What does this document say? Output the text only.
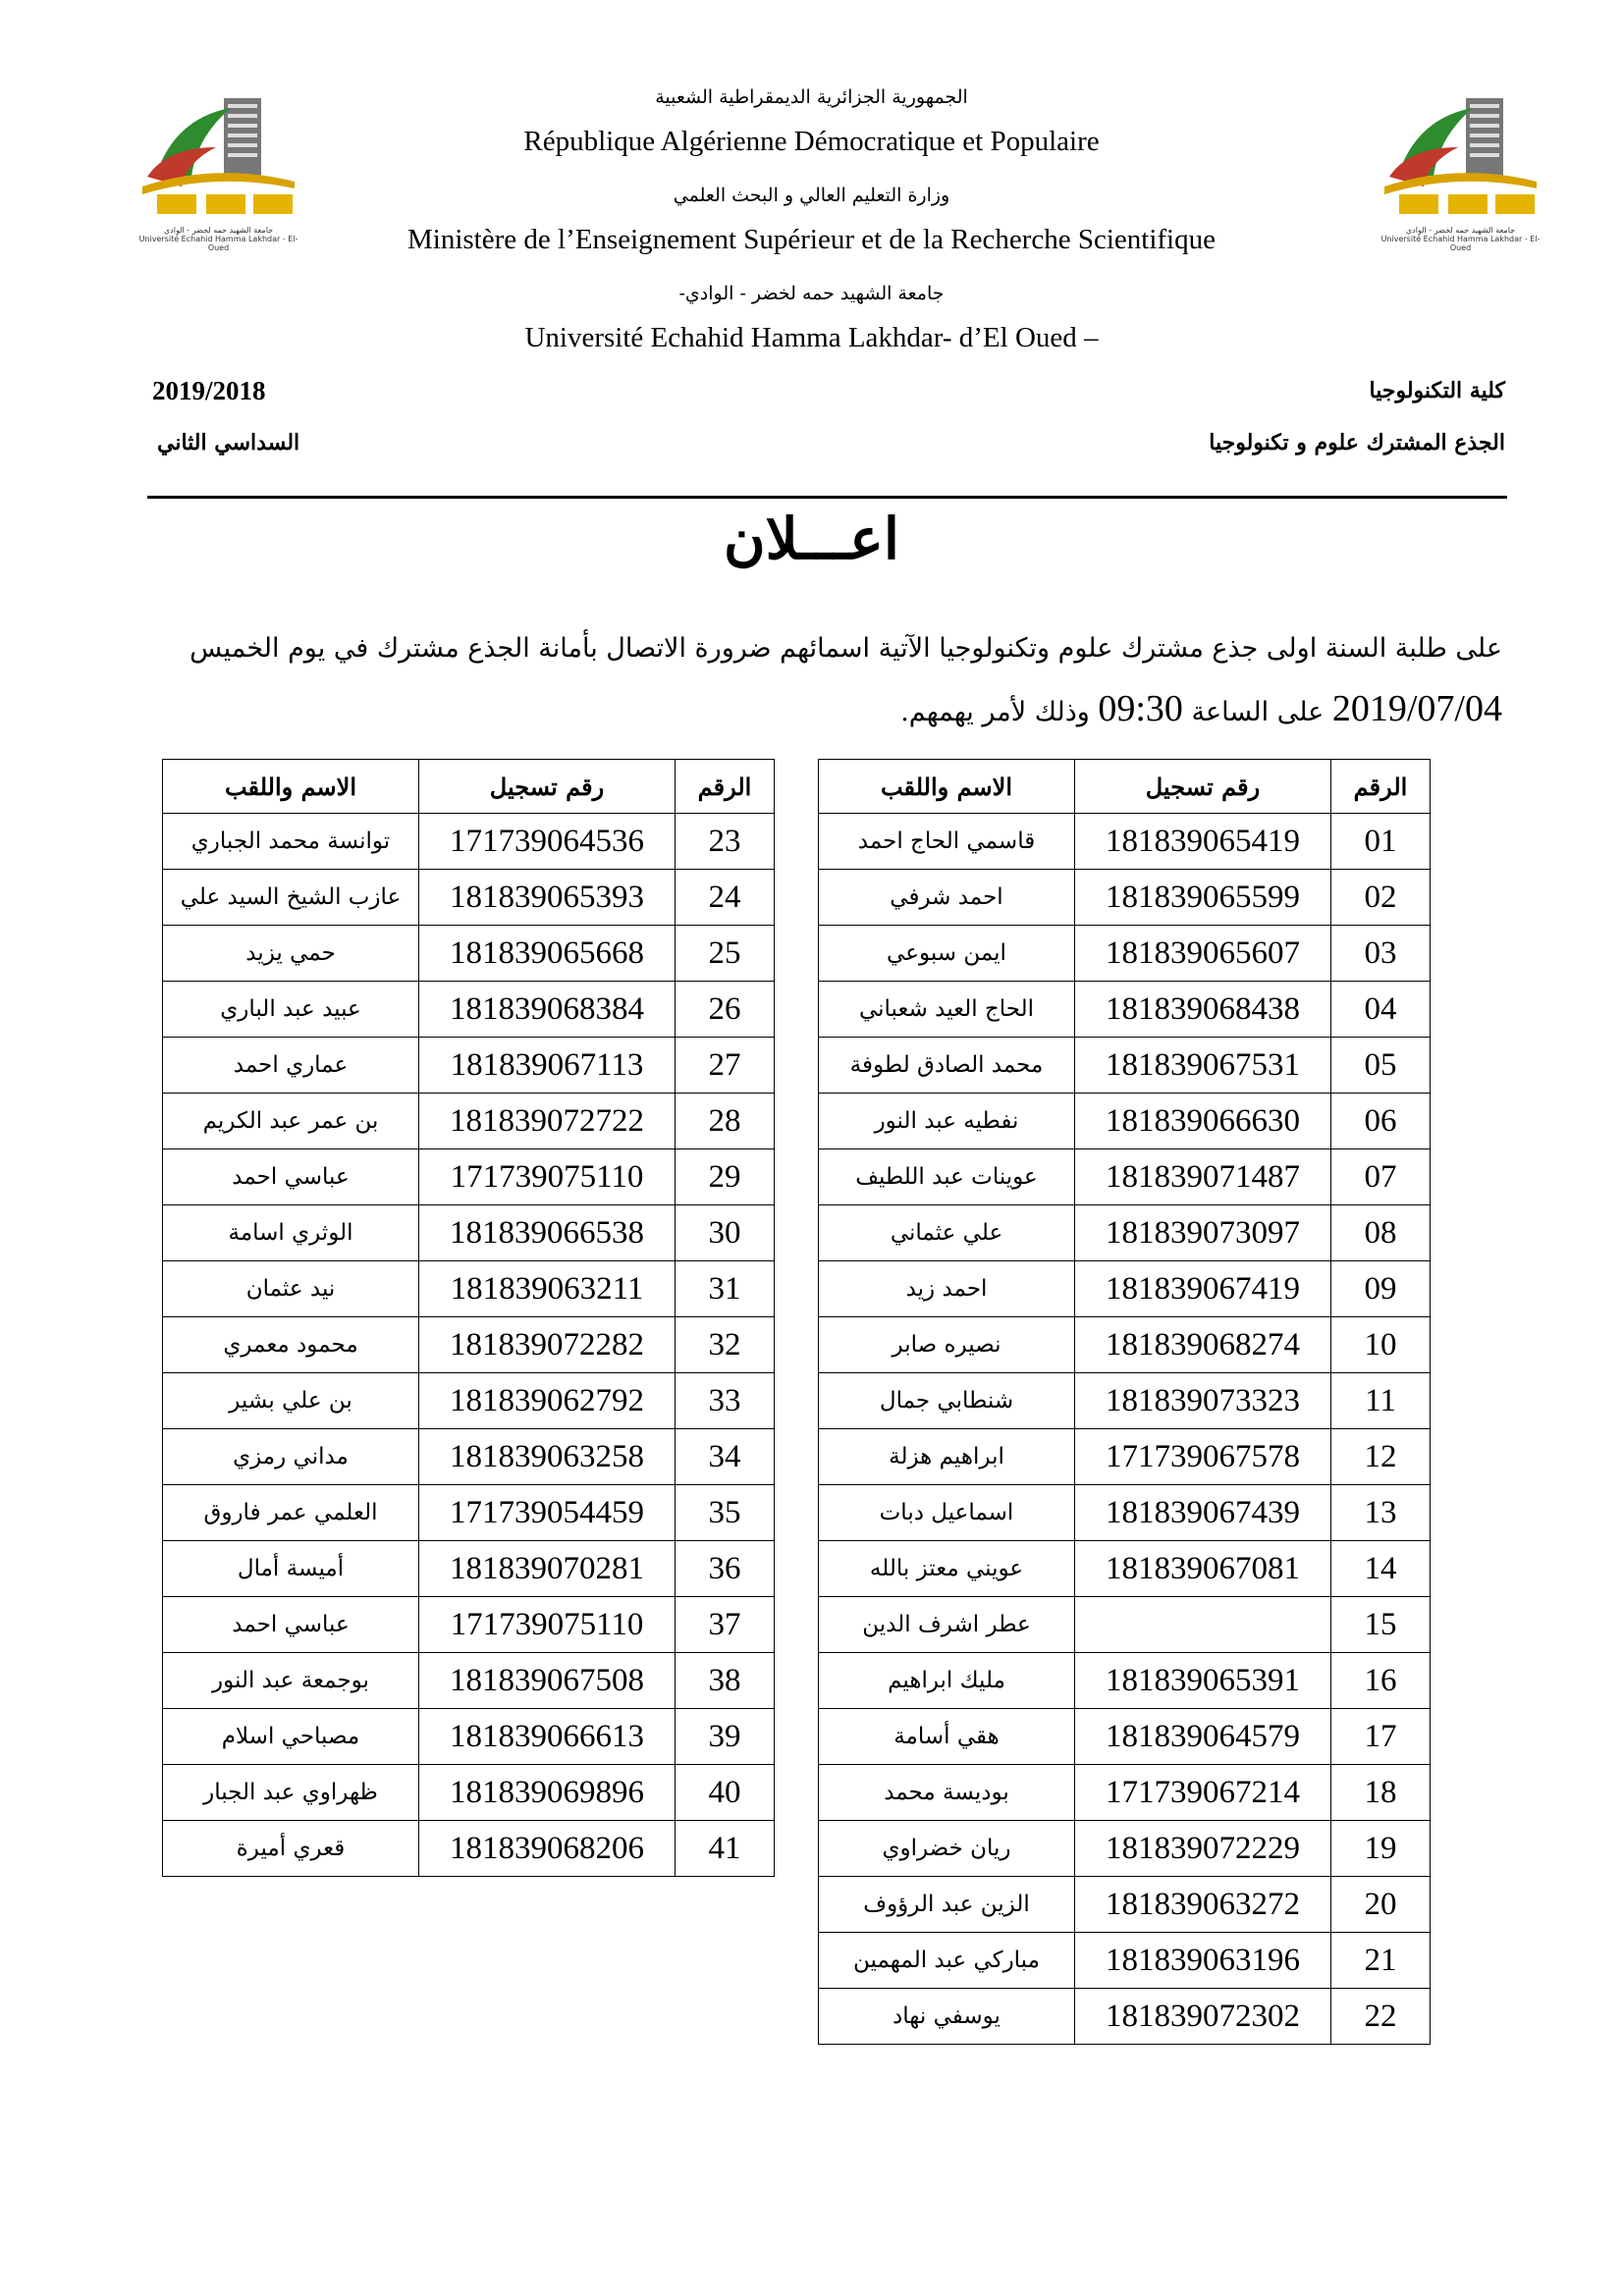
جامعة الشهيد حمه لخضر - الوادي
Université Echahid Hamma Lakhdar - El-Oued
جامعة الشهيد حمه لخضر - الوادي
Université Echahid Hamma Lakhdar - El-Oued
الجمهورية الجزائرية الديمقراطية الشعبية
République Algérienne Démocratique et Populaire
وزارة التعليم العالي و البحث العلمي
Ministère de l’Enseignement Supérieur et de la Recherche Scientifique
جامعة الشهيد حمه لخضر - الوادي-
Université Echahid Hamma Lakhdar- d’El Oued –
كلية التكنولوجيا
الجذع المشترك علوم و تكنولوجيا
2019/2018
السداسي الثاني
اعـــلان
على طلبة السنة اولى جذع مشترك علوم وتكنولوجيا الآتية اسمائهم ضرورة الاتصال بأمانة الجذع مشترك في يوم الخميس
2019/07/04 على الساعة 09:30 وذلك لأمر يهمهم.
الاسم واللقب	رقم تسجيل	الرقم
قاسمي الحاج احمد	181839065419	01
احمد شرفي	181839065599	02
ايمن سبوعي	181839065607	03
الحاج العيد شعباني	181839068438	04
محمد الصادق لطوفة	181839067531	05
نفطيه عبد النور	181839066630	06
عوينات عبد اللطيف	181839071487	07
علي عثماني	181839073097	08
احمد زيد	181839067419	09
نصيره صابر	181839068274	10
شنطابي جمال	181839073323	11
ابراهيم هزلة	171739067578	12
اسماعيل دبات	181839067439	13
عويني معتز بالله	181839067081	14
عطر اشرف الدين		15
مليك ابراهيم	181839065391	16
هقي أسامة	181839064579	17
بوديسة محمد	171739067214	18
ريان خضراوي	181839072229	19
الزين عبد الرؤوف	181839063272	20
مباركي عبد المهمين	181839063196	21
يوسفي نهاد	181839072302	22
الاسم واللقب	رقم تسجيل	الرقم
توانسة محمد الجباري	171739064536	23
عازب الشيخ السيد علي	181839065393	24
حمي يزيد	181839065668	25
عبيد عبد الباري	181839068384	26
عماري احمد	181839067113	27
بن عمر عبد الكريم	181839072722	28
عباسي احمد	171739075110	29
الوثري اسامة	181839066538	30
نيد عثمان	181839063211	31
محمود معمري	181839072282	32
بن علي بشير	181839062792	33
مداني رمزي	181839063258	34
العلمي عمر فاروق	171739054459	35
أميسة أمال	181839070281	36
عباسي احمد	171739075110	37
بوجمعة عبد النور	181839067508	38
مصباحي اسلام	181839066613	39
ظهراوي عبد الجبار	181839069896	40
قعري أميرة	181839068206	41
